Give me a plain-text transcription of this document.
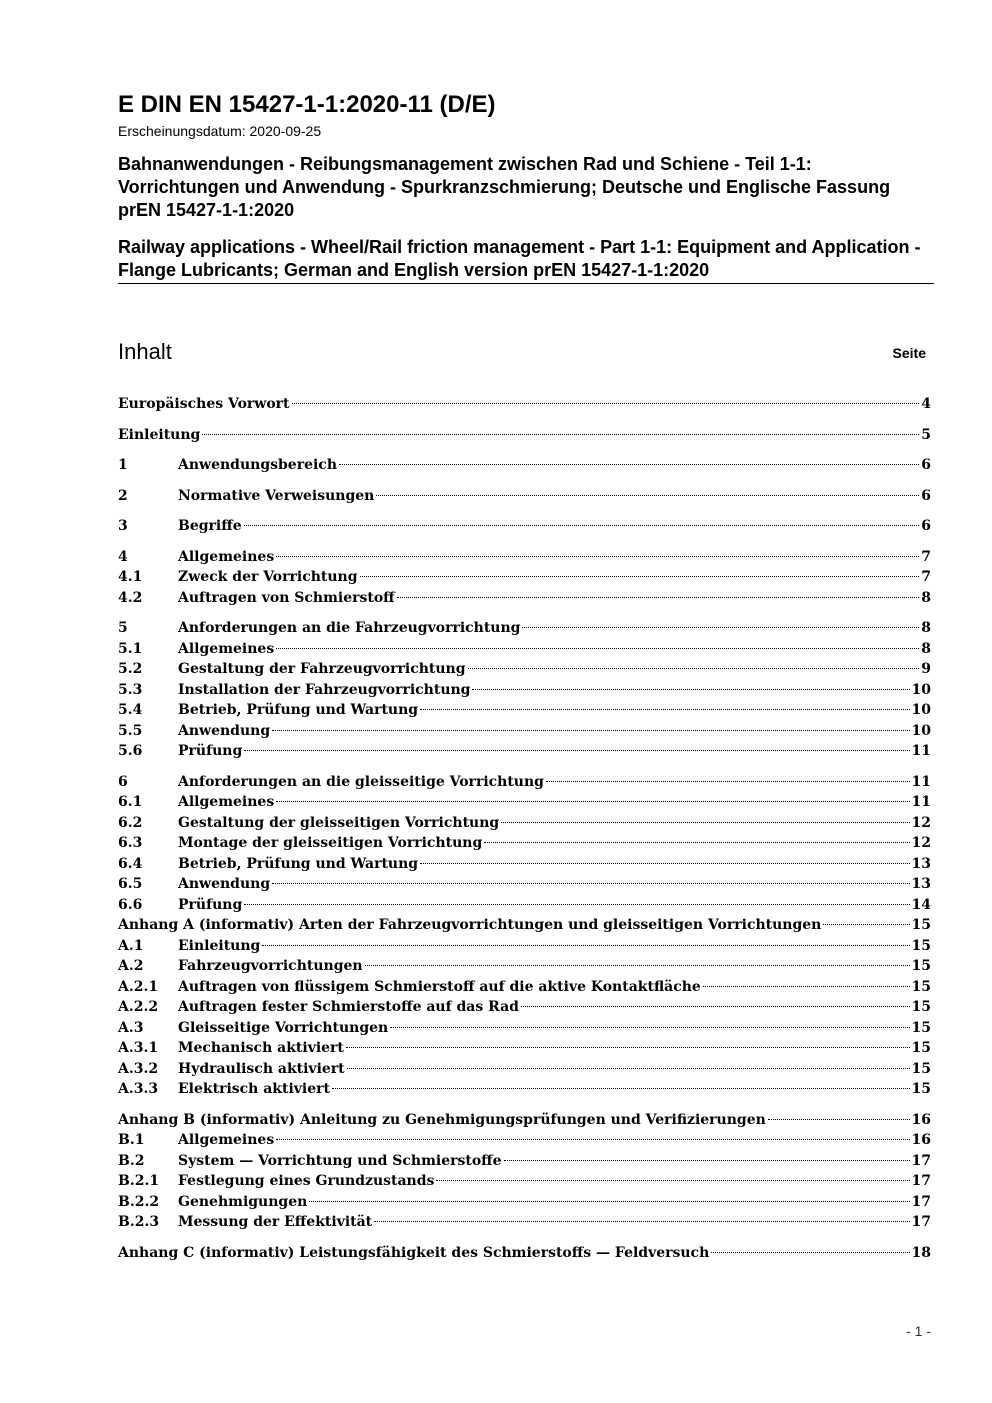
E DIN EN 15427-1-1:2020-11 (D/E)
Erscheinungsdatum: 2020-09-25
Bahnanwendungen - Reibungsmanagement zwischen Rad und Schiene - Teil 1-1: Vorrichtungen und Anwendung - Spurkranzschmierung; Deutsche und Englische Fassung prEN 15427-1-1:2020
Railway applications - Wheel/Rail friction management - Part 1-1: Equipment and Application - Flange Lubricants; German and English version prEN 15427-1-1:2020
Inhalt	Seite
Europäisches Vorwort	4
Einleitung	5
1	Anwendungsbereich	6
2	Normative Verweisungen	6
3	Begriffe	6
4	Allgemeines	7
4.1	Zweck der Vorrichtung	7
4.2	Auftragen von Schmierstoff	8
5	Anforderungen an die Fahrzeugvorrichtung	8
5.1	Allgemeines	8
5.2	Gestaltung der Fahrzeugvorrichtung	9
5.3	Installation der Fahrzeugvorrichtung	10
5.4	Betrieb, Prüfung und Wartung	10
5.5	Anwendung	10
5.6	Prüfung	11
6	Anforderungen an die gleisseitige Vorrichtung	11
6.1	Allgemeines	11
6.2	Gestaltung der gleisseitigen Vorrichtung	12
6.3	Montage der gleisseitigen Vorrichtung	12
6.4	Betrieb, Prüfung und Wartung	13
6.5	Anwendung	13
6.6	Prüfung	14
Anhang A (informativ) Arten der Fahrzeugvorrichtungen und gleisseitigen Vorrichtungen	15
A.1	Einleitung	15
A.2	Fahrzeugvorrichtungen	15
A.2.1	Auftragen von flüssigem Schmierstoff auf die aktive Kontaktfläche	15
A.2.2	Auftragen fester Schmierstoffe auf das Rad	15
A.3	Gleisseitige Vorrichtungen	15
A.3.1	Mechanisch aktiviert	15
A.3.2	Hydraulisch aktiviert	15
A.3.3	Elektrisch aktiviert	15
Anhang B (informativ) Anleitung zu Genehmigungsprüfungen und Verifizierungen	16
B.1	Allgemeines	16
B.2	System — Vorrichtung und Schmierstoffe	17
B.2.1	Festlegung eines Grundzustands	17
B.2.2	Genehmigungen	17
B.2.3	Messung der Effektivität	17
Anhang C (informativ) Leistungsfähigkeit des Schmierstoffs — Feldversuch	18
- 1 -
